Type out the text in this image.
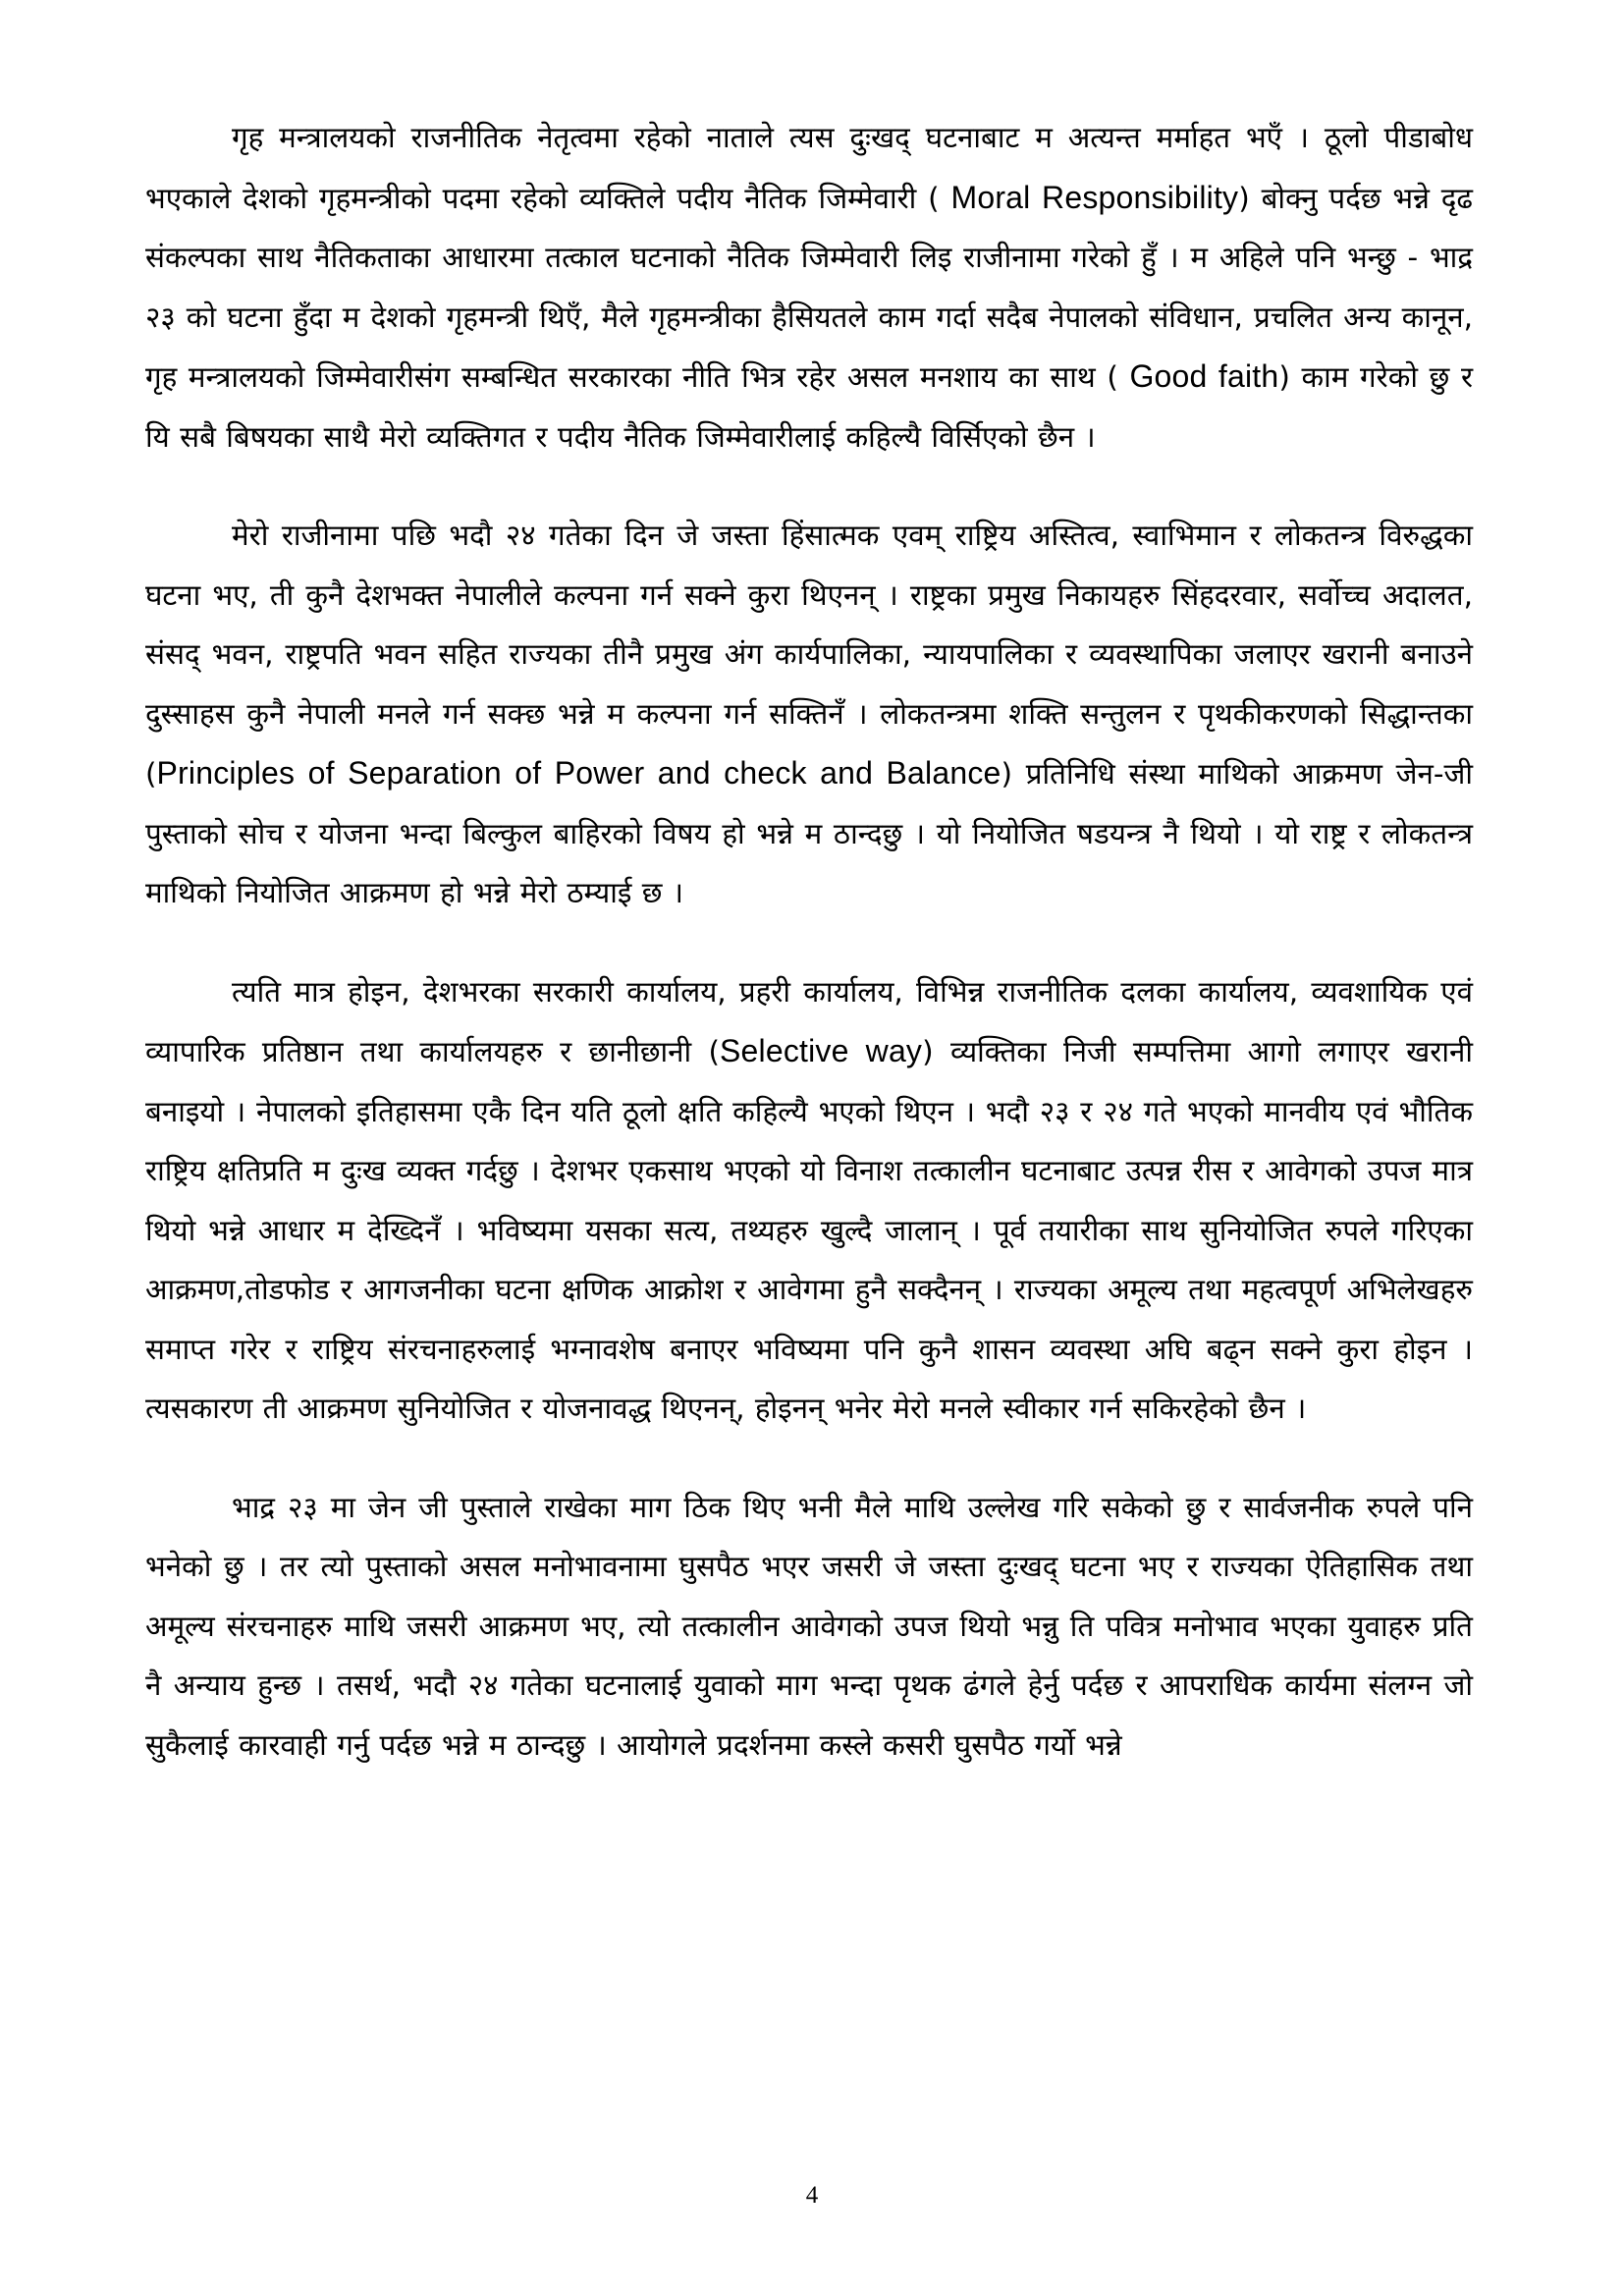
गृह मन्त्रालयको राजनीतिक नेतृत्वमा रहेको नाताले त्यस दुःखद् घटनाबाट म अत्यन्त मर्माहत भएँ । ठूलो पीडाबोध भएकाले देशको गृहमन्त्रीको पदमा रहेको व्यक्तिले पदीय नैतिक जिम्मेवारी ( Moral Responsibility) बोक्नु पर्दछ भन्ने दृढ संकल्पका साथ नैतिकताका आधारमा तत्काल घटनाको नैतिक जिम्मेवारी लिइ राजीनामा गरेको हुँ । म अहिले पनि भन्छु - भाद्र २३ को घटना हुँदा म देशको गृहमन्त्री थिएँ, मैले गृहमन्त्रीका हैसियतले काम गर्दा सदैब नेपालको संविधान, प्रचलित अन्य कानून, गृह मन्त्रालयको जिम्मेवारीसंग सम्बन्धित सरकारका नीति भित्र रहेर असल मनशाय का साथ ( Good faith) काम गरेको छु र यि सबै बिषयका साथै मेरो व्यक्तिगत र पदीय नैतिक जिम्मेवारीलाई कहिल्यै विर्सिएको छैन ।

मेरो राजीनामा पछि भदौ २४ गतेका दिन जे जस्ता हिंसात्मक एवम् राष्ट्रिय अस्तित्व, स्वाभिमान र लोकतन्त्र विरुद्धका घटना भए, ती कुनै देशभक्त नेपालीले कल्पना गर्न सक्ने कुरा थिएनन् । राष्ट्रका प्रमुख निकायहरु सिंहदरवार, सर्वोच्च अदालत, संसद् भवन, राष्ट्रपति भवन सहित राज्यका तीनै प्रमुख अंग कार्यपालिका, न्यायपालिका र व्यवस्थापिका जलाएर खरानी बनाउने दुस्साहस कुनै नेपाली मनले गर्न सक्छ भन्ने म कल्पना गर्न सक्तिनँ । लोकतन्त्रमा शक्ति सन्तुलन र पृथकीकरणको सिद्धान्तका (Principles of Separation of Power and check and Balance) प्रतिनिधि संस्था माथिको आक्रमण जेन-जी पुस्ताको सोच र योजना भन्दा बिल्कुल बाहिरको विषय हो भन्ने म ठान्दछु । यो नियोजित षडयन्त्र नै थियो । यो राष्ट्र र लोकतन्त्र माथिको नियोजित आक्रमण हो भन्ने मेरो ठम्याई छ ।

त्यति मात्र होइन, देशभरका सरकारी कार्यालय, प्रहरी कार्यालय, विभिन्न राजनीतिक दलका कार्यालय, व्यवशायिक एवं व्यापारिक प्रतिष्ठान तथा कार्यालयहरु र छानीछानी (Selective way) व्यक्तिका निजी सम्पत्तिमा आगो लगाएर खरानी बनाइयो । नेपालको इतिहासमा एकै दिन यति ठूलो क्षति कहिल्यै भएको थिएन । भदौ २३ र २४ गते भएको मानवीय एवं भौतिक राष्ट्रिय क्षतिप्रति म दुःख व्यक्त गर्दछु । देशभर एकसाथ भएको यो विनाश तत्कालीन घटनाबाट उत्पन्न रीस र आवेगको उपज मात्र थियो भन्ने आधार म देख्दिनँ । भविष्यमा यसका सत्य, तथ्यहरु खुल्दै जालान् । पूर्व तयारीका साथ सुनियोजित रुपले गरिएका आक्रमण,तोडफोड र आगजनीका घटना क्षणिक आक्रोश र आवेगमा हुनै सक्दैनन् । राज्यका अमूल्य तथा महत्वपूर्ण अभिलेखहरु समाप्त गरेर र राष्ट्रिय संरचनाहरुलाई भग्नावशेष बनाएर भविष्यमा पनि कुनै शासन व्यवस्था अघि बढ्न सक्ने कुरा होइन । त्यसकारण ती आक्रमण सुनियोजित र योजनावद्ध थिएनन्, होइनन् भनेर मेरो मनले स्वीकार गर्न सकिरहेको छैन ।

भाद्र २३ मा जेन जी पुस्ताले राखेका माग ठिक थिए भनी मैले माथि उल्लेख गरि सकेको छु र सार्वजनीक रुपले पनि भनेको छु । तर त्यो पुस्ताको असल मनोभावनामा घुसपैठ भएर जसरी जे जस्ता दुःखद् घटना भए र राज्यका ऐतिहासिक तथा अमूल्य संरचनाहरु माथि जसरी आक्रमण भए, त्यो तत्कालीन आवेगको उपज थियो भन्नु ति पवित्र मनोभाव भएका युवाहरु प्रति नै अन्याय हुन्छ । तसर्थ, भदौ २४ गतेका घटनालाई युवाको माग भन्दा पृथक ढंगले हेर्नु पर्दछ र आपराधिक कार्यमा संलग्न जो सुकैलाई कारवाही गर्नु पर्दछ भन्ने म ठान्दछु । आयोगले प्रदर्शनमा कस्ले कसरी घुसपैठ गर्यो भन्ने

4
